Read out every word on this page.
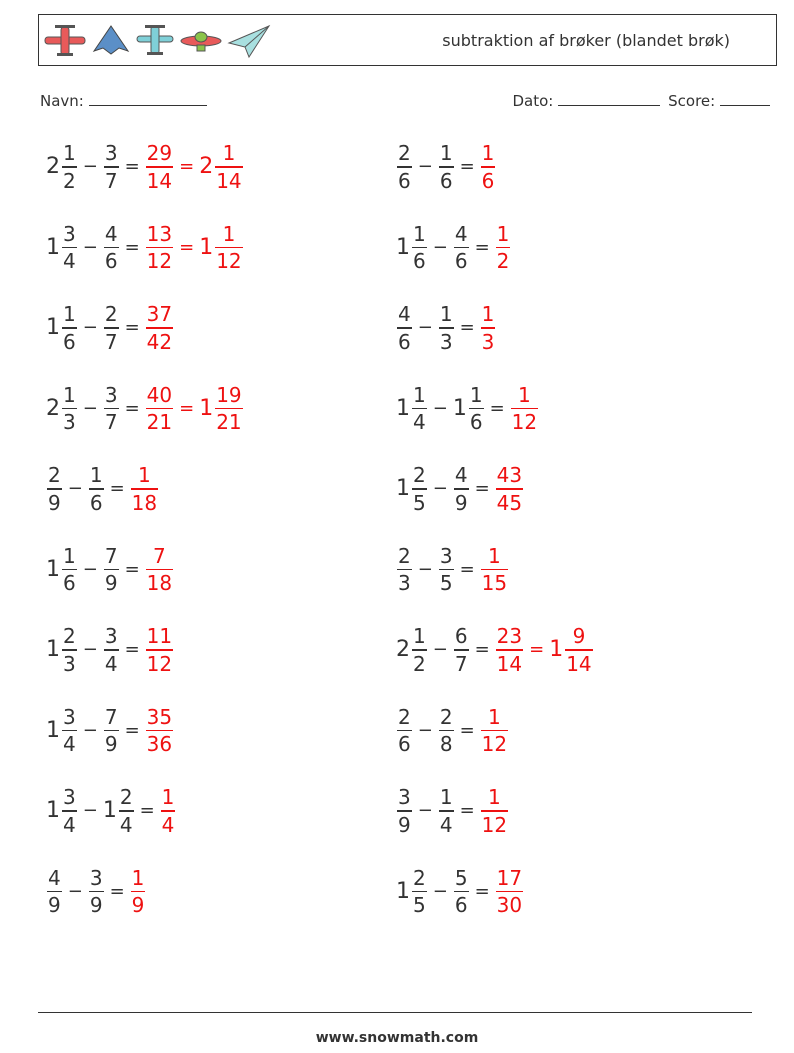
subtraktion af brøker (blandet brøk)
Navn:	Dato:	Score:
$2 \frac{1}{2} - \frac{3}{7} = \frac{29}{14} = 2 \frac{1}{14}$	$\frac{2}{6} - \frac{1}{6} = \frac{1}{6}$
$1 \frac{3}{4} - \frac{4}{6} = \frac{13}{12} = 1 \frac{1}{12}$	$1 \frac{1}{6} - \frac{4}{6} = \frac{1}{2}$
$1 \frac{1}{6} - \frac{2}{7} = \frac{37}{42}$	$\frac{4}{6} - \frac{1}{3} = \frac{1}{3}$
$2 \frac{1}{3} - \frac{3}{7} = \frac{40}{21} = 1 \frac{19}{21}$	$1 \frac{1}{4} - 1 \frac{1}{6} = \frac{1}{12}$
$\frac{2}{9} - \frac{1}{6} = \frac{1}{18}$	$1 \frac{2}{5} - \frac{4}{9} = \frac{43}{45}$
$1 \frac{1}{6} - \frac{7}{9} = \frac{7}{18}$	$\frac{2}{3} - \frac{3}{5} = \frac{1}{15}$
$1 \frac{2}{3} - \frac{3}{4} = \frac{11}{12}$	$2 \frac{1}{2} - \frac{6}{7} = \frac{23}{14} = 1 \frac{9}{14}$
$1 \frac{3}{4} - \frac{7}{9} = \frac{35}{36}$	$\frac{2}{6} - \frac{2}{8} = \frac{1}{12}$
$1 \frac{3}{4} - 1 \frac{2}{4} = \frac{1}{4}$	$\frac{3}{9} - \frac{1}{4} = \frac{1}{12}$
$\frac{4}{9} - \frac{3}{9} = \frac{1}{9}$	$1 \frac{2}{5} - \frac{5}{6} = \frac{17}{30}$
www.snowmath.com
